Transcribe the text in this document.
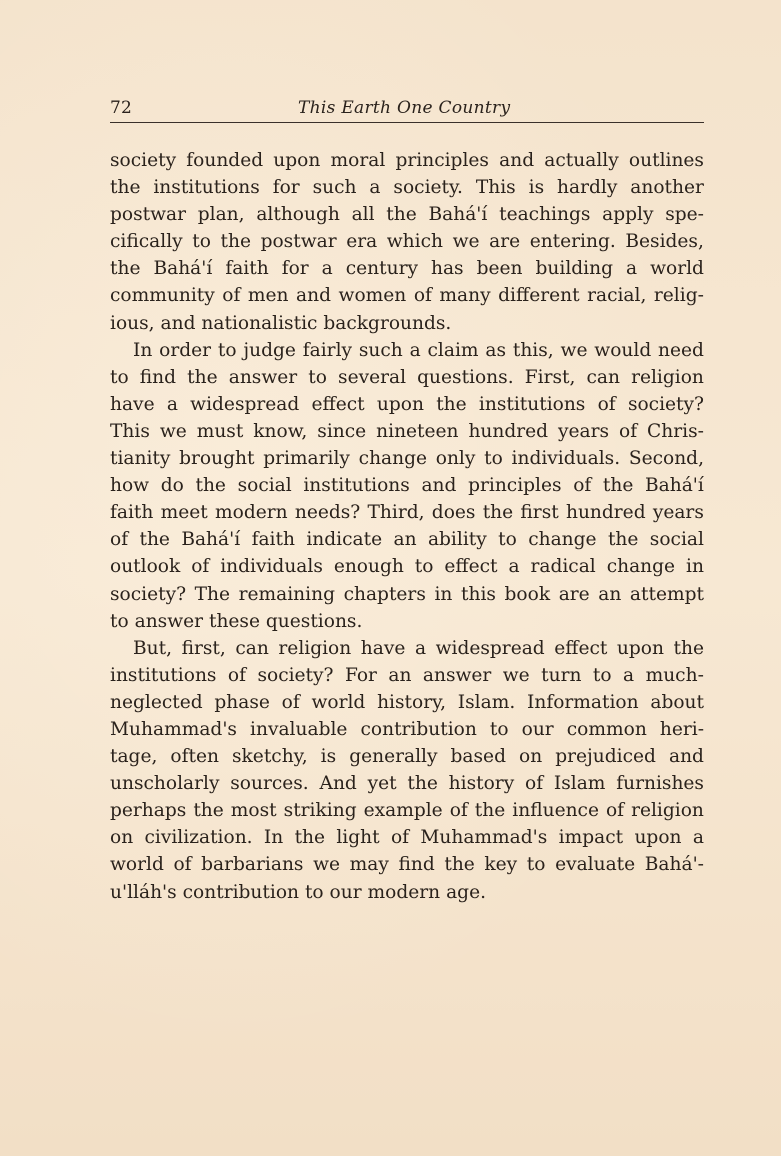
72	This Earth One Country
society founded upon moral principles and actually outlines
the institutions for such a society. This is hardly another
postwar plan, although all the Bahá'í teachings apply spe-
cifically to the postwar era which we are entering. Besides,
the Bahá'í faith for a century has been building a world
community of men and women of many different racial, relig-
ious, and nationalistic backgrounds.
In order to judge fairly such a claim as this, we would need
to find the answer to several questions. First, can religion
have a widespread effect upon the institutions of society?
This we must know, since nineteen hundred years of Chris-
tianity brought primarily change only to individuals. Second,
how do the social institutions and principles of the Bahá'í
faith meet modern needs? Third, does the first hundred years
of the Bahá'í faith indicate an ability to change the social
outlook of individuals enough to effect a radical change in
society? The remaining chapters in this book are an attempt
to answer these questions.
But, first, can religion have a widespread effect upon the
institutions of society? For an answer we turn to a much-
neglected phase of world history, Islam. Information about
Muhammad's invaluable contribution to our common heri-
tage, often sketchy, is generally based on prejudiced and
unscholarly sources. And yet the history of Islam furnishes
perhaps the most striking example of the influence of religion
on civilization. In the light of Muhammad's impact upon a
world of barbarians we may find the key to evaluate Bahá'-
u'lláh's contribution to our modern age.
